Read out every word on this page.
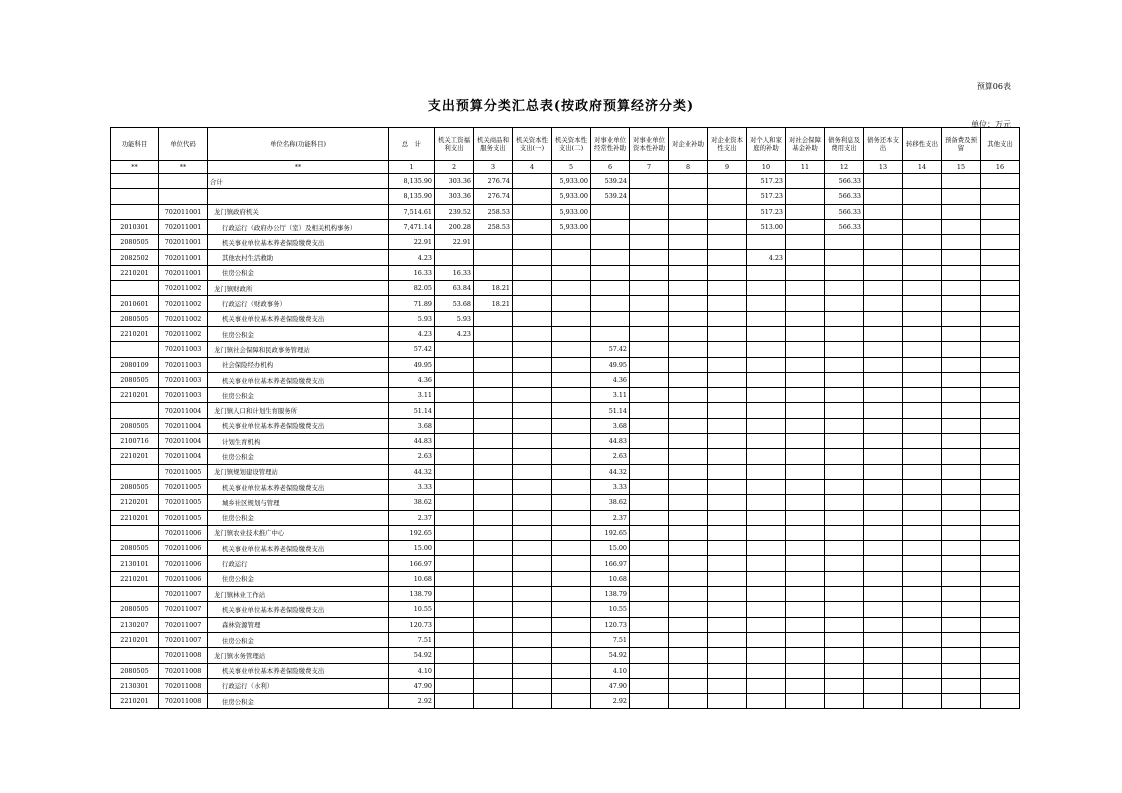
预算06表
支出预算分类汇总表(按政府预算经济分类)
单位：万元
功能科目	单位代码	单位名称(功能科目)	总　计	机关工资福利支出	机关商品和服务支出	机关资本性支出(一)	机关资本性支出(二)	对事业单位经常性补助	对事业单位资本性补助	对企业补助	对企业资本性支出	对个人和家庭的补助	对社会保障基金补助	债务利息及费用支出	债务还本支出	转移性支出	预备费及预留	其他支出
**	**	**	1	2	3	4	5	6	7	8	9	10	11	12	13	14	15	16
		合计	8,135.90	303.36	276.74		5,933.00	539.24				517.23		566.33				
			8,135.90	303.36	276.74		5,933.00	539.24				517.23		566.33				
	702011001	龙门镇政府机关	7,514.61	239.52	258.53		5,933.00					517.23		566.33				
2010301	702011001	行政运行（政府办公厅（室）及相关机构事务）	7,471.14	200.28	258.53		5,933.00					513.00		566.33				
2080505	702011001	机关事业单位基本养老保险缴费支出	22.91	22.91														
2082502	702011001	其他农村生活救助	4.23									4.23						
2210201	702011001	住房公积金	16.33	16.33														
	702011002	龙门镇财政所	82.05	63.84	18.21													
2010601	702011002	行政运行（财政事务）	71.89	53.68	18.21													
2080505	702011002	机关事业单位基本养老保险缴费支出	5.93	5.93														
2210201	702011002	住房公积金	4.23	4.23														
	702011003	龙门镇社会保障和民政事务管理站	57.42					57.42										
2080109	702011003	社会保险经办机构	49.95					49.95										
2080505	702011003	机关事业单位基本养老保险缴费支出	4.36					4.36										
2210201	702011003	住房公积金	3.11					3.11										
	702011004	龙门镇人口和计划生育服务所	51.14					51.14										
2080505	702011004	机关事业单位基本养老保险缴费支出	3.68					3.68										
2100716	702011004	计划生育机构	44.83					44.83										
2210201	702011004	住房公积金	2.63					2.63										
	702011005	龙门镇规划建设管理站	44.32					44.32										
2080505	702011005	机关事业单位基本养老保险缴费支出	3.33					3.33										
2120201	702011005	城乡社区规划与管理	38.62					38.62										
2210201	702011005	住房公积金	2.37					2.37										
	702011006	龙门镇农业技术推广中心	192.65					192.65										
2080505	702011006	机关事业单位基本养老保险缴费支出	15.00					15.00										
2130101	702011006	行政运行	166.97					166.97										
2210201	702011006	住房公积金	10.68					10.68										
	702011007	龙门镇林业工作站	138.79					138.79										
2080505	702011007	机关事业单位基本养老保险缴费支出	10.55					10.55										
2130207	702011007	森林资源管理	120.73					120.73										
2210201	702011007	住房公积金	7.51					7.51										
	702011008	龙门镇水务管理站	54.92					54.92										
2080505	702011008	机关事业单位基本养老保险缴费支出	4.10					4.10										
2130301	702011008	行政运行（水利）	47.90					47.90										
2210201	702011008	住房公积金	2.92					2.92										
